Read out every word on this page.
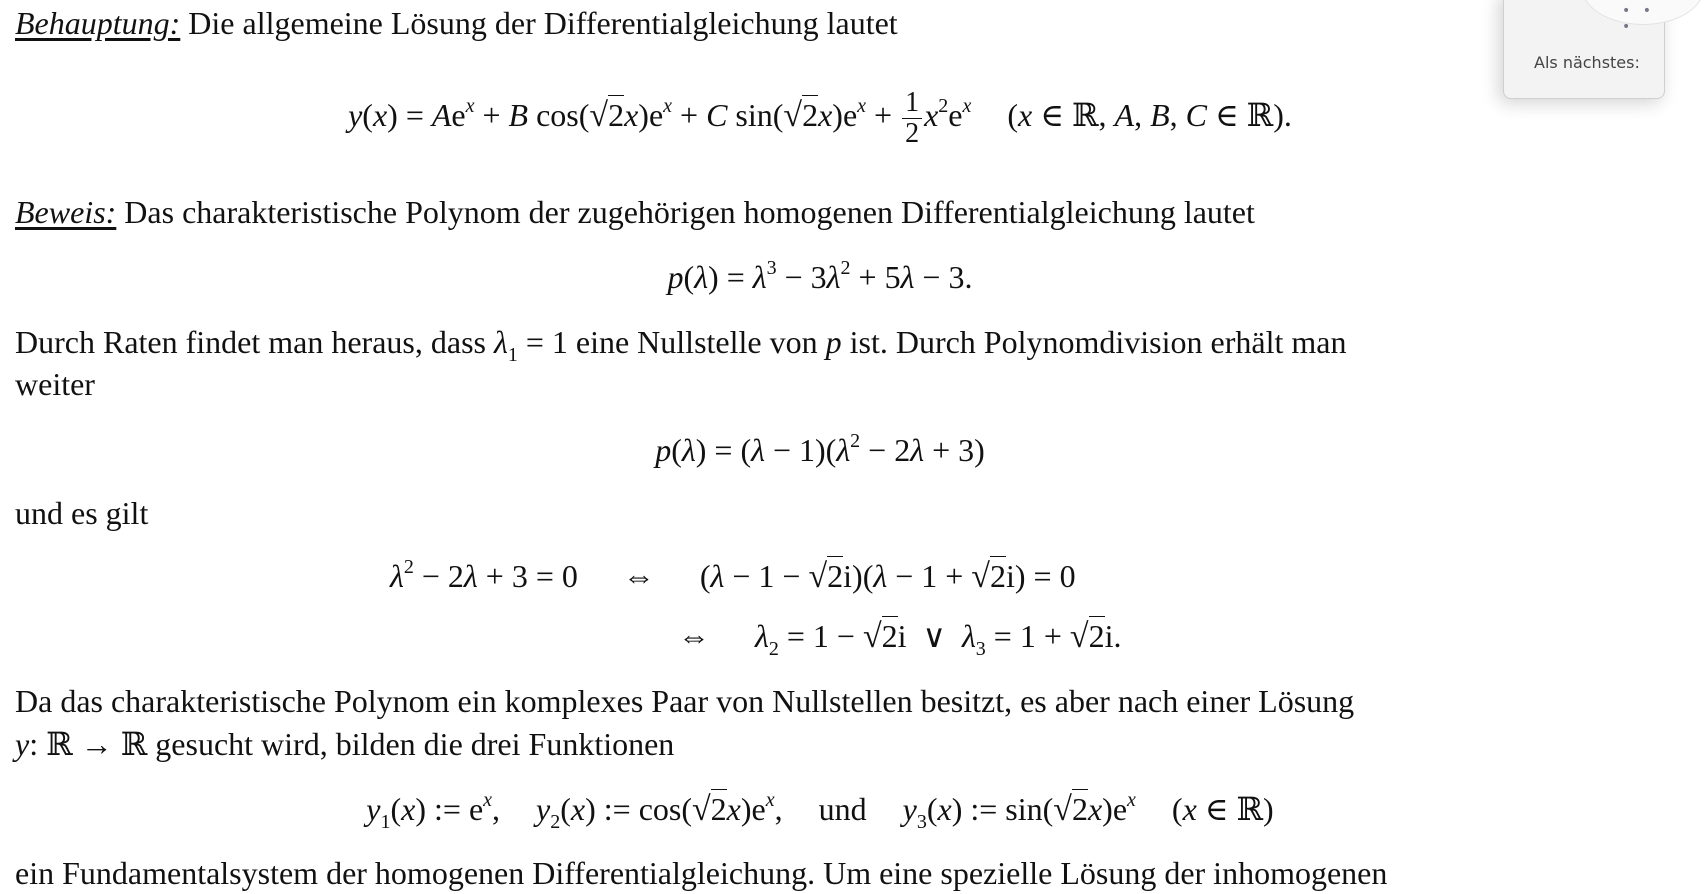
Behauptung: Die allgemeine Lösung der Differentialgleichung lautet
$y(x) = Ae^x + B$ $\cos(√2x)e^x + C$ $\sin(√2x)e^x + \frac{1}{2} x^2e^x$ (x ∈ ℝ, A, B, C ∈ ℝ).
Beweis: Das charakteristische Polynom der zugehörigen homogenen Differentialgleichung lautet
$p(\lambda) = \lambda^3 - 3\lambda^2 + 5\lambda - 3$.
Durch Raten findet man heraus, dass $\lambda_1 = 1$ eine Nullstelle von p ist. Durch Polynomdivision erhält man
weiter
$p(\lambda) = (\lambda - 1)(\lambda^2 - 2\lambda + 3)$
und es gilt
$\lambda^2 - 2\lambda + 3 = 0$ ⇔ (λ − 1 − √2i)(λ − 1 + √2i) = 0
⇔ $\lambda_2 = 1 - √2i$  ∨  $\lambda_3 = 1 + √2i$.
Da das charakteristische Polynom ein komplexes Paar von Nullstellen besitzt, es aber nach einer Lösung
y: ℝ → ℝ gesucht wird, bilden die drei Funktionen
$y_1(x)$ := $e^x$, $y_2(x)$ := $\cos(√2x)e^x$, und $y_3(x)$ := $\sin(√2x)e^x$ (x ∈ ℝ)
ein Fundamentalsystem der homogenen Differentialgleichung. Um eine spezielle Lösung der inhomogenen
• • •
Als nächstes:
